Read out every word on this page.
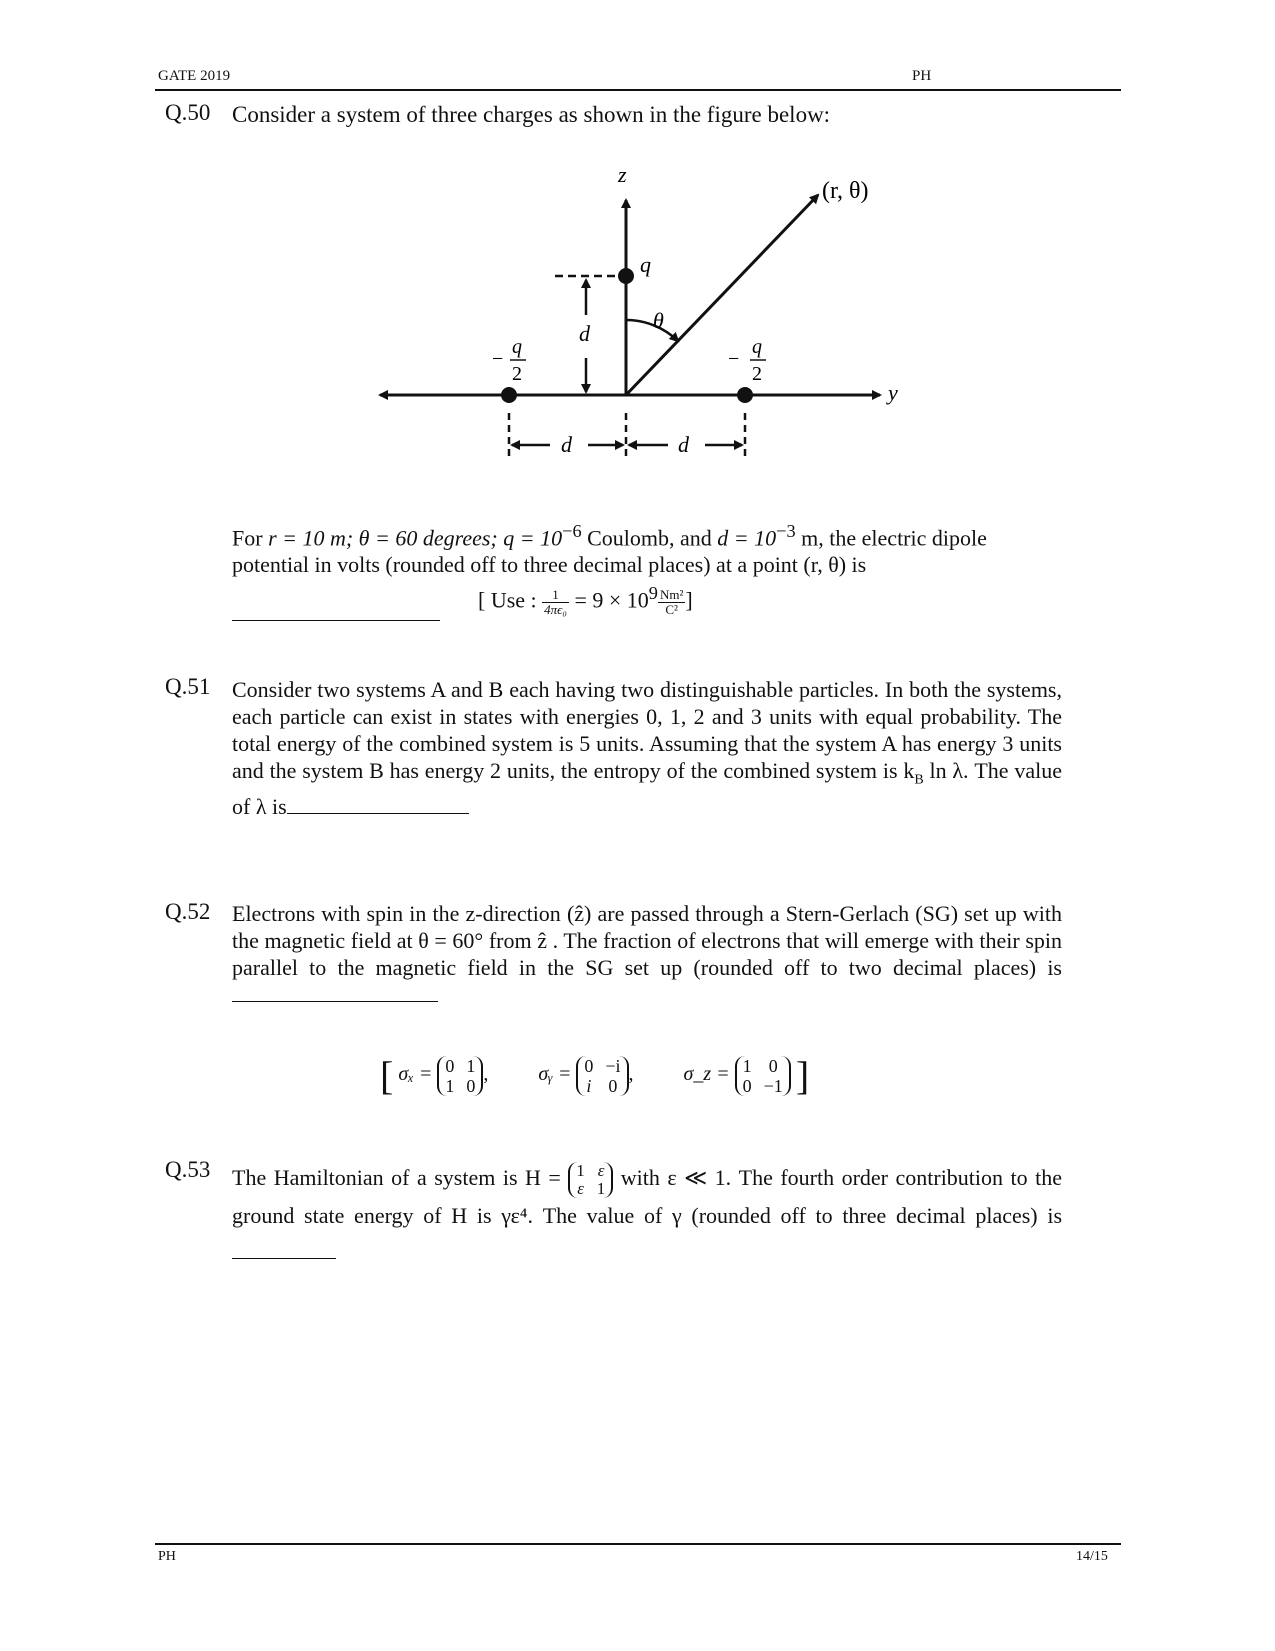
GATE 2019	PH
Q.50 Consider a system of three charges as shown in the figure below:
z
y
(r, θ)
θ
q
d
−
q
2
−
q
2
d	d

For r = 10 m; θ = 60 degrees; $q = 10^{-6}$ Coulomb, and $d = 10^{-3}$ m, the electric dipole

potential in volts (rounded off to three decimal places) at a point (r, θ) is

[ Use : $\frac{1}{\text{4πϵ₀}} = 9 \times 10^9 \frac{\text{Nm²}}{\text{C²}}$ ]
Q.51 Consider two systems A and B each having two distinguishable particles. In both the systems, each particle can exist in states with energies 0, 1, 2 and 3 units with equal probability. The total energy of the combined system is 5 units. Assuming that the system A has energy 3 units and the system B has energy 2 units, the entropy of the combined system is $k_B$ ln λ. The value of λ is
Q.52 Electrons with spin in the z-direction (ẑ) are passed through a Stern-Gerlach (SG) set up with the magnetic field at θ = 60° from ẑ . The fraction of electrons that will emerge with their spin parallel to the magnetic field in the SG set up (rounded off to two decimal places) is
[ σₓ = 0 1
1 0
,  σᵧ = 0 −i
i 0
,  σ_z = 1 0
0 −1 ]
Q.53 The Hamiltonian of a system is H = 1 ε
ε 1 with ε ≪ 1. The fourth order contribution to the ground state energy of H is γε⁴. The value of γ (rounded off to three decimal places) is
PH	14/15
